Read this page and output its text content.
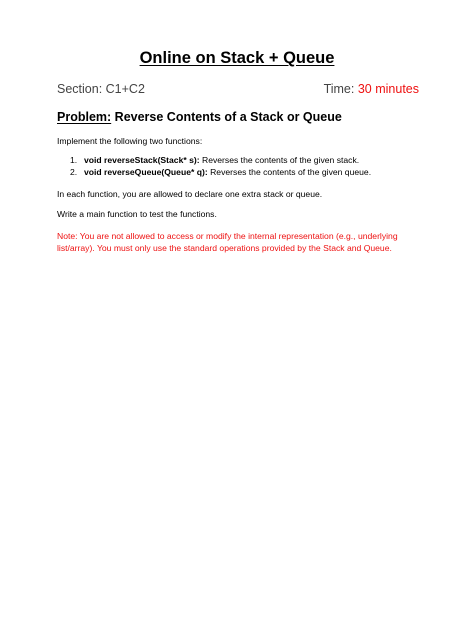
Online on Stack + Queue
Section: C1+C2	Time: 30 minutes
Problem: Reverse Contents of a Stack or Queue

Implement the following two functions:

1. void reverseStack(Stack* s): Reverses the contents of the given stack.
2. void reverseQueue(Queue* q): Reverses the contents of the given queue.

In each function, you are allowed to declare one extra stack or queue.

Write a main function to test the functions.

Note: You are not allowed to access or modify the internal representation (e.g., underlying list/array). You must only use the standard operations provided by the Stack and Queue.
